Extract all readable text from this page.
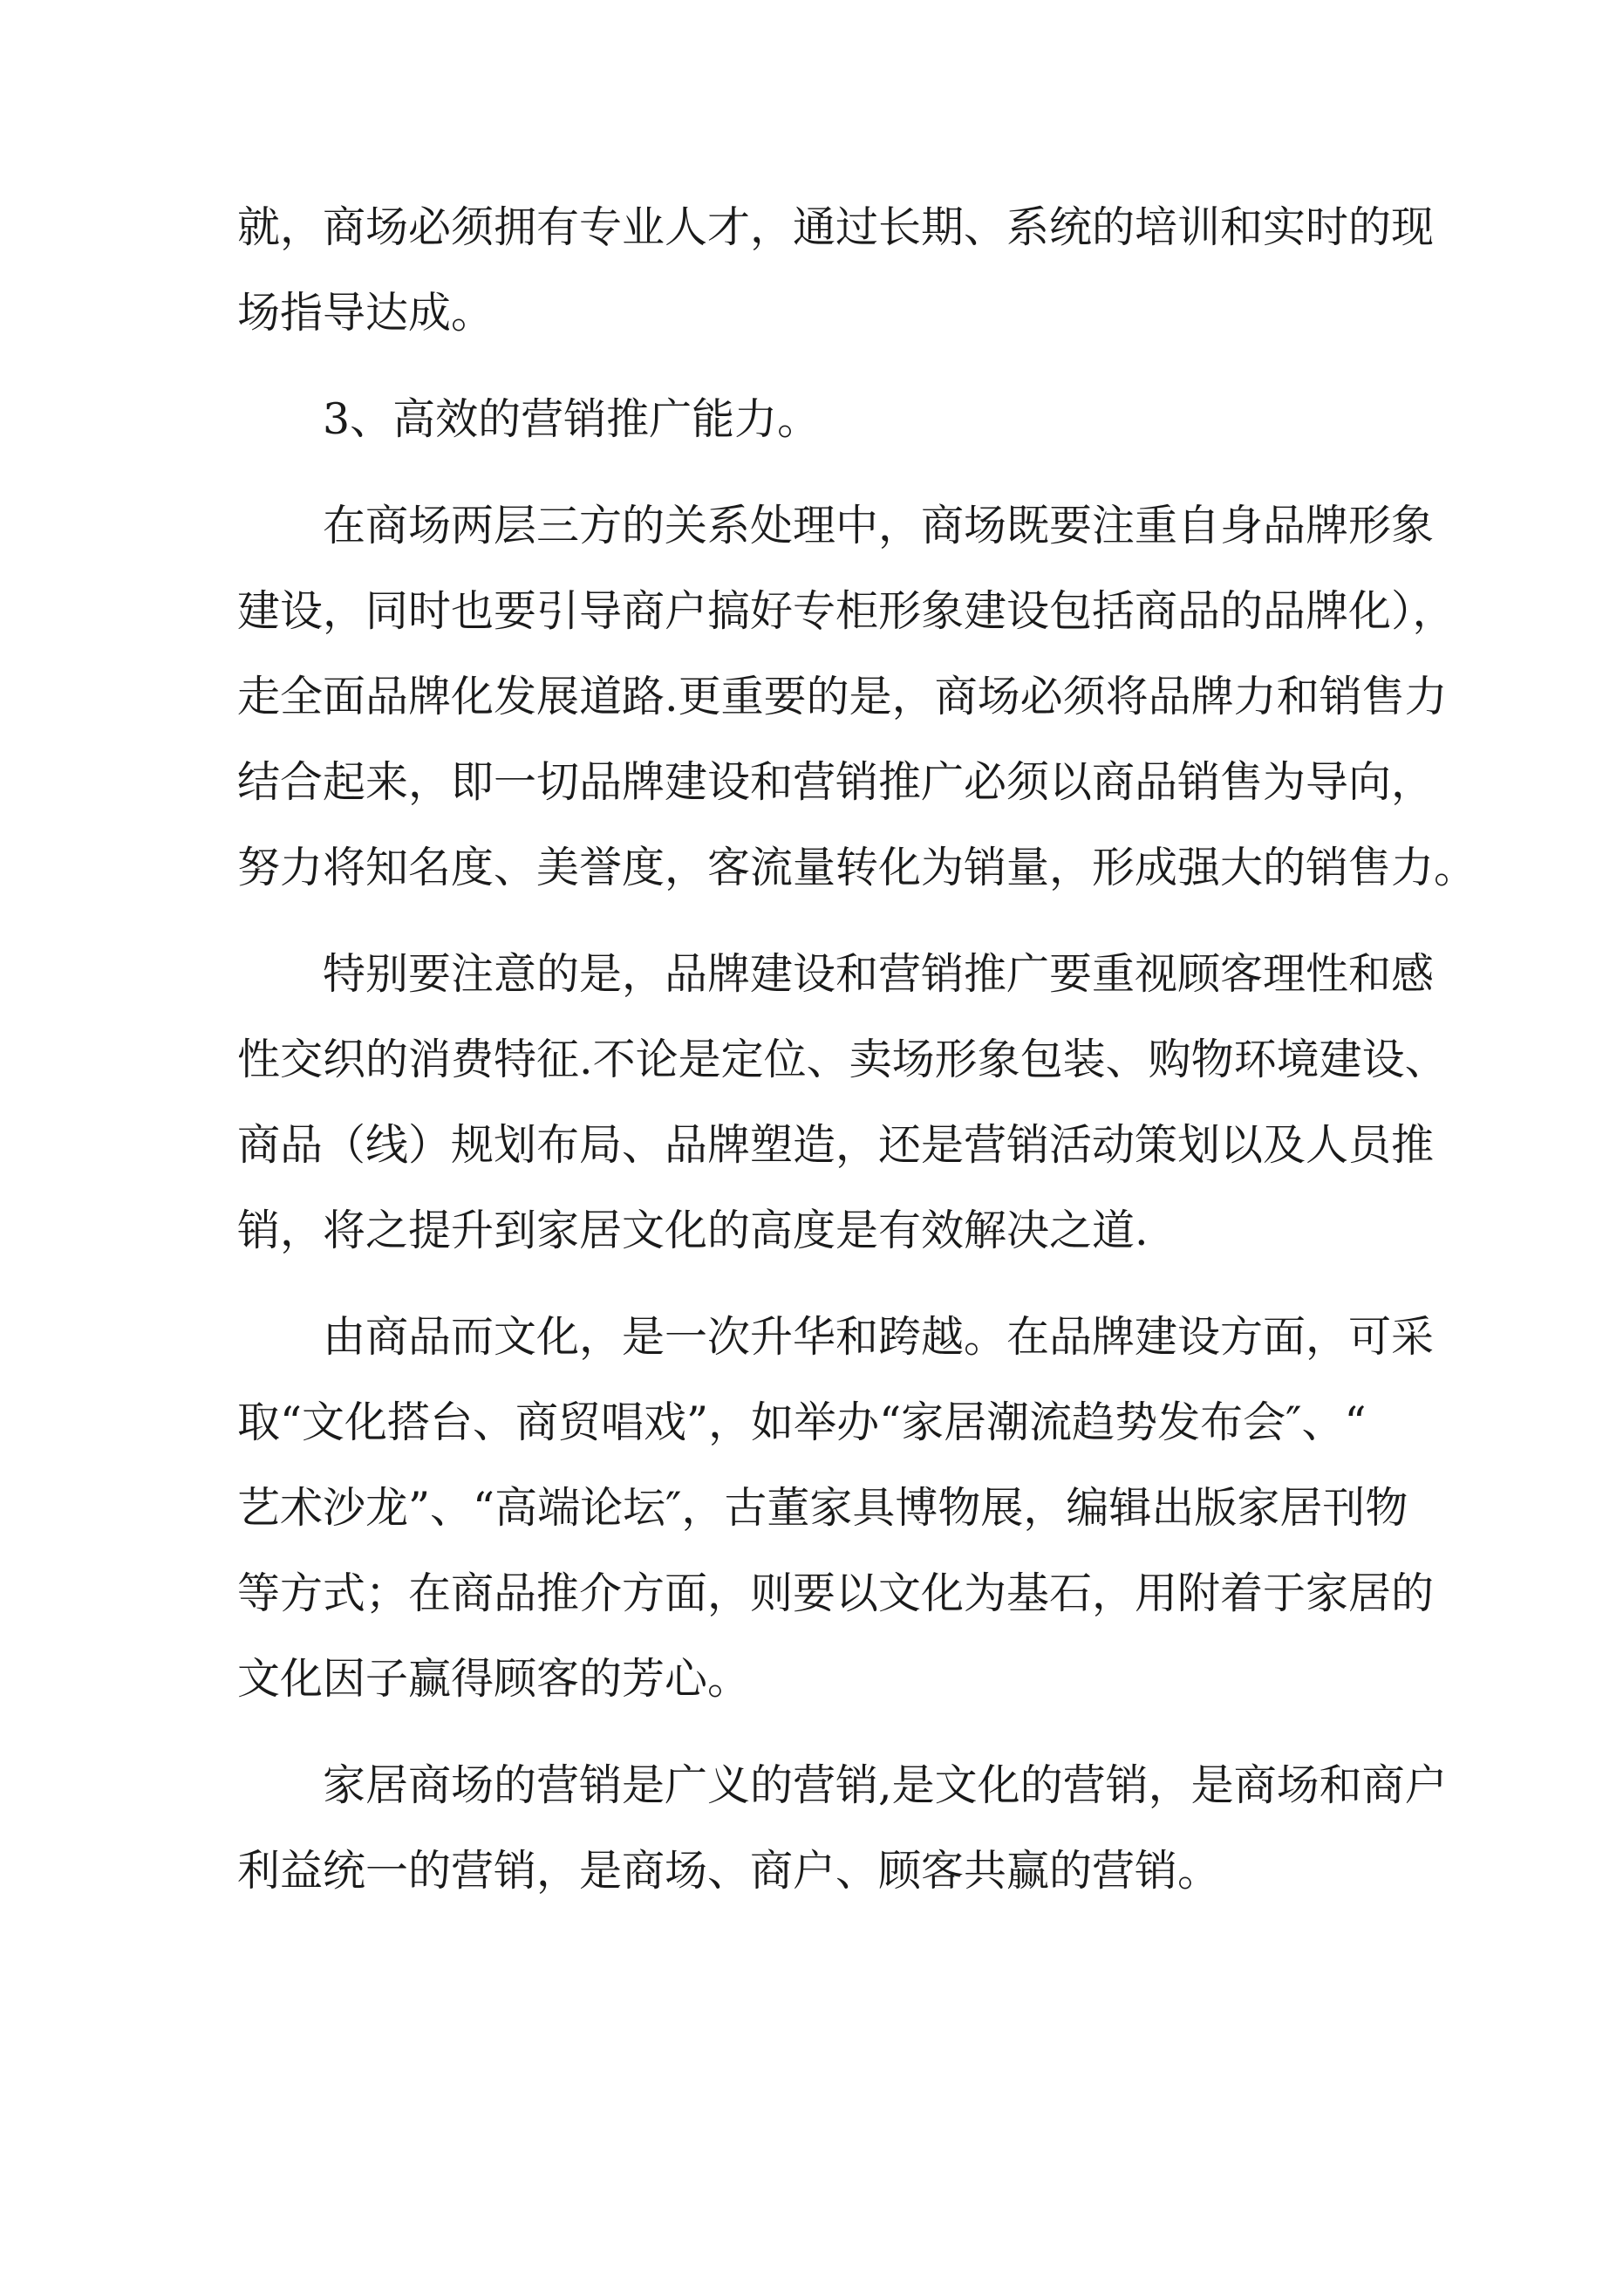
就，商场必须拥有专业人才，通过长期、系统的培训和实时的现
场指导达成。
3、高效的营销推广能力。
在商场两层三方的关系处理中，商场既要注重自身品牌形象
建设，同时也要引导商户搞好专柜形象建设包括商品的品牌化），
走全面品牌化发展道路.更重要的是，商场必须将品牌力和销售力
结合起来，即一切品牌建设和营销推广必须以商品销售为导向，
努力将知名度、美誉度，客流量转化为销量，形成强大的销售力。
特别要注意的是，品牌建设和营销推广要重视顾客理性和感
性交织的消费特征.不论是定位、卖场形象包装、购物环境建设、
商品（线）规划布局、品牌塑造，还是营销活动策划以及人员推
销，将之提升到家居文化的高度是有效解决之道.
由商品而文化，是一次升华和跨越。在品牌建设方面，可采
取“文化搭台、商贸唱戏”，如举办“家居潮流趋势发布会″、“
艺术沙龙”、“高端论坛″，古董家具博物展，编辑出版家居刊物
等方式；在商品推介方面，则要以文化为基石，用附着于家居的
文化因子赢得顾客的芳心。
家居商场的营销是广义的营销,是文化的营销，是商场和商户
利益统一的营销，是商场、商户、顾客共赢的营销。
